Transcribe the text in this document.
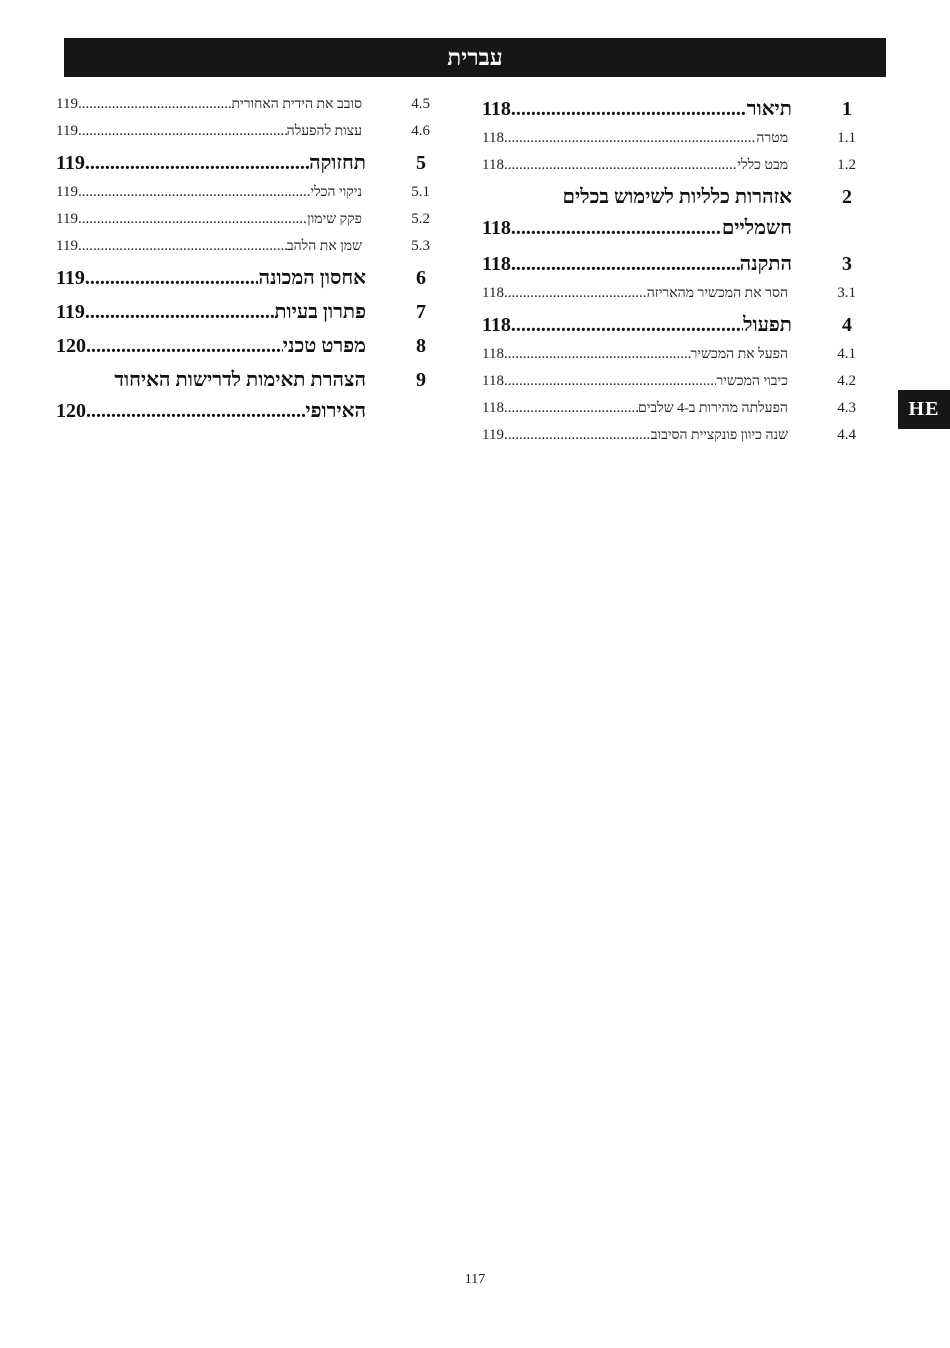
עברית
HE
1
תיאור
.....
118
1.1
מטרה
.....
118
1.2
מבט כללי
.....
118
2
אזהרות כלליות לשימוש בכלים
חשמליים
.....
118
3
התקנה
.....
118
3.1
הסר את המכשיר מהאריזה
.....
118
4
תפעול
.....
118
4.1
הפעל את המכשיר
.....
118
4.2
כיבוי המכשיר
.....
118
4.3
הפעלתה מהירות ב-4 שלבים
.....
118
4.4
שנה כיוון פונקציית הסיבוב
.....
119
4.5
סובב את הידית האחורית
.....
119
4.6
עצות להפעלה
.....
119
5
תחזוקה
.....
119
5.1
ניקוי הכלי
.....
119
5.2
פקק שימון
.....
119
5.3
שמן את הלהב
.....
119
6
אחסון המכונה
.....
119
7
פתרון בעיות
.....
119
8
מפרט טכני
.....
120
9
הצהרת תאימות לדרישות האיחוד
האירופי
.....
120
117
